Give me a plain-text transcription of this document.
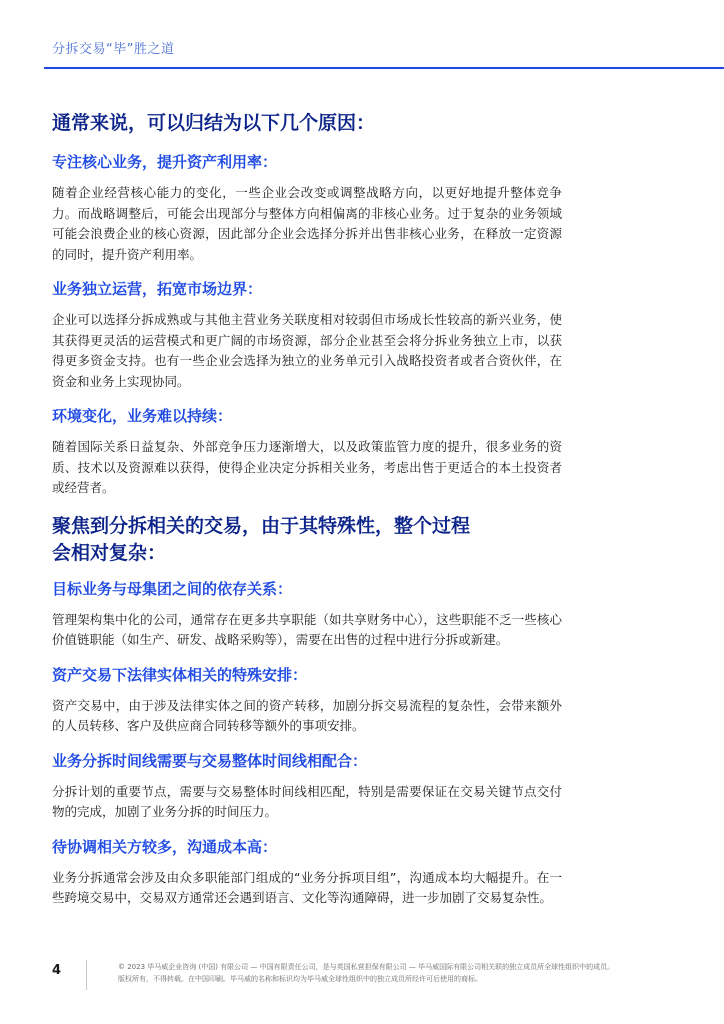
分拆交易“毕”胜之道
通常来说，可以归结为以下几个原因：
专注核心业务，提升资产利用率：

随着企业经营核心能力的变化，一些企业会改变或调整战略方向，以更好地提升整体竞争力。而战略调整后，可能会出现部分与整体方向相偏离的非核心业务。过于复杂的业务领域可能会浪费企业的核心资源，因此部分企业会选择分拆并出售非核心业务，在释放一定资源的同时，提升资产利用率。

业务独立运营，拓宽市场边界：

企业可以选择分拆成熟或与其他主营业务关联度相对较弱但市场成长性较高的新兴业务，使其获得更灵活的运营模式和更广阔的市场资源，部分企业甚至会将分拆业务独立上市，以获得更多资金支持。也有一些企业会选择为独立的业务单元引入战略投资者或者合资伙伴，在资金和业务上实现协同。

环境变化，业务难以持续：

随着国际关系日益复杂、外部竞争压力逐渐增大，以及政策监管力度的提升，很多业务的资质、技术以及资源难以获得，使得企业决定分拆相关业务，考虑出售于更适合的本土投资者或经营者。

聚焦到分拆相关的交易，由于其特殊性，整个过程
会相对复杂：
目标业务与母集团之间的依存关系：

管理架构集中化的公司，通常存在更多共享职能（如共享财务中心），这些职能不乏一些核心价值链职能（如生产、研发、战略采购等），需要在出售的过程中进行分拆或新建。

资产交易下法律实体相关的特殊安排：

资产交易中，由于涉及法律实体之间的资产转移，加剧分拆交易流程的复杂性，会带来额外的人员转移、客户及供应商合同转移等额外的事项安排。

业务分拆时间线需要与交易整体时间线相配合：

分拆计划的重要节点，需要与交易整体时间线相匹配，特别是需要保证在交易关键节点交付物的完成，加剧了业务分拆的时间压力。

待协调相关方较多，沟通成本高：

业务分拆通常会涉及由众多职能部门组成的“业务分拆项目组”，沟通成本均大幅提升。在一些跨境交易中，交易双方通常还会遇到语言、文化等沟通障碍，进一步加剧了交易复杂性。

4	© 2023 毕马威企业咨询 (中国) 有限公司 — 中国有限责任公司，是与英国私营担保有限公司 — 毕马威国际有限公司相关联的独立成员所全球性组织中的成员。
版权所有，不得转载。在中国印刷。毕马威的名称和标识均为毕马威全球性组织中的独立成员所经许可后使用的商标。
